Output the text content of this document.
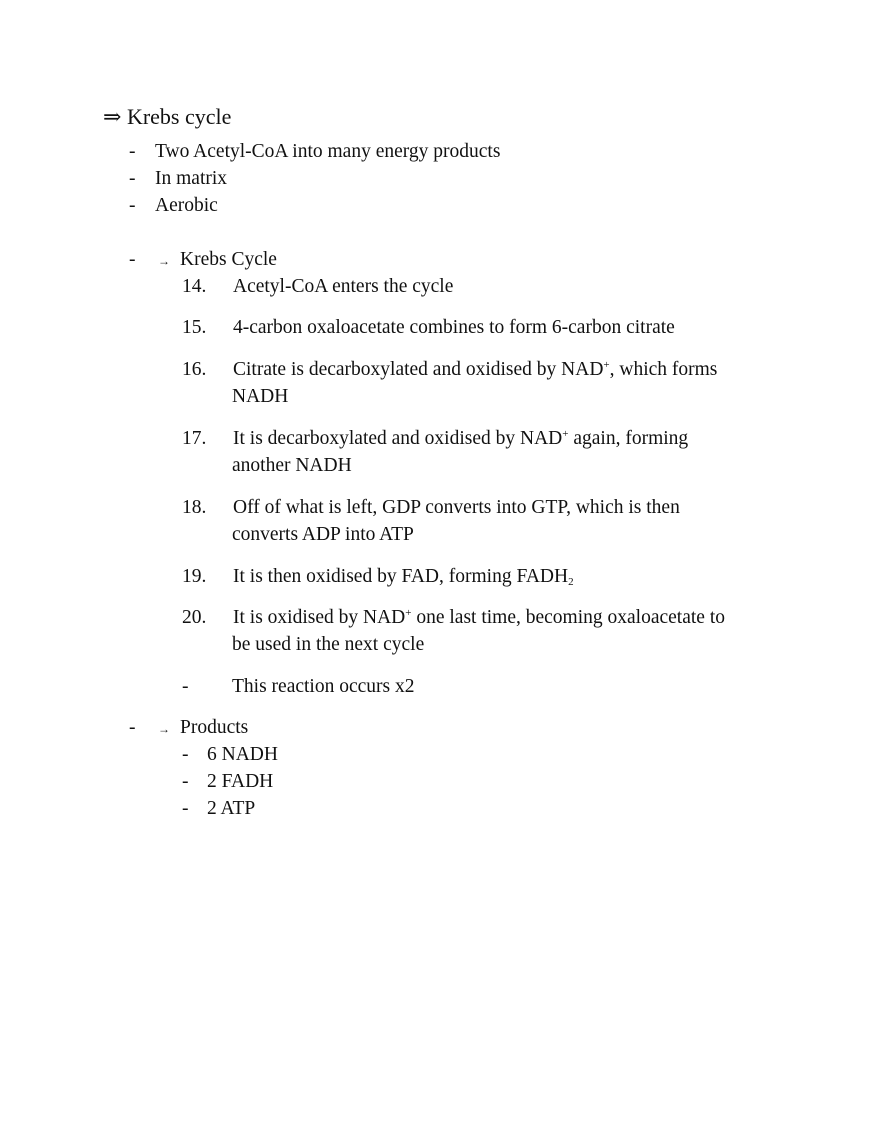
⇒ Krebs cycle
- Two Acetyl-CoA into many energy products
- In matrix
- Aerobic
- → Krebs Cycle
14. Acetyl-CoA enters the cycle
15. 4-carbon oxaloacetate combines to form 6-carbon citrate
16. Citrate is decarboxylated and oxidised by NAD+, which forms
NADH
17. It is decarboxylated and oxidised by NAD+ again, forming
another NADH
18. Off of what is left, GDP converts into GTP, which is then
converts ADP into ATP
19. It is then oxidised by FAD, forming $FADH_2$
20. It is oxidised by NAD+ one last time, becoming oxaloacetate to
be used in the next cycle
- This reaction occurs x2
- → Products
- 6 NADH
- 2 FADH
- 2 ATP
